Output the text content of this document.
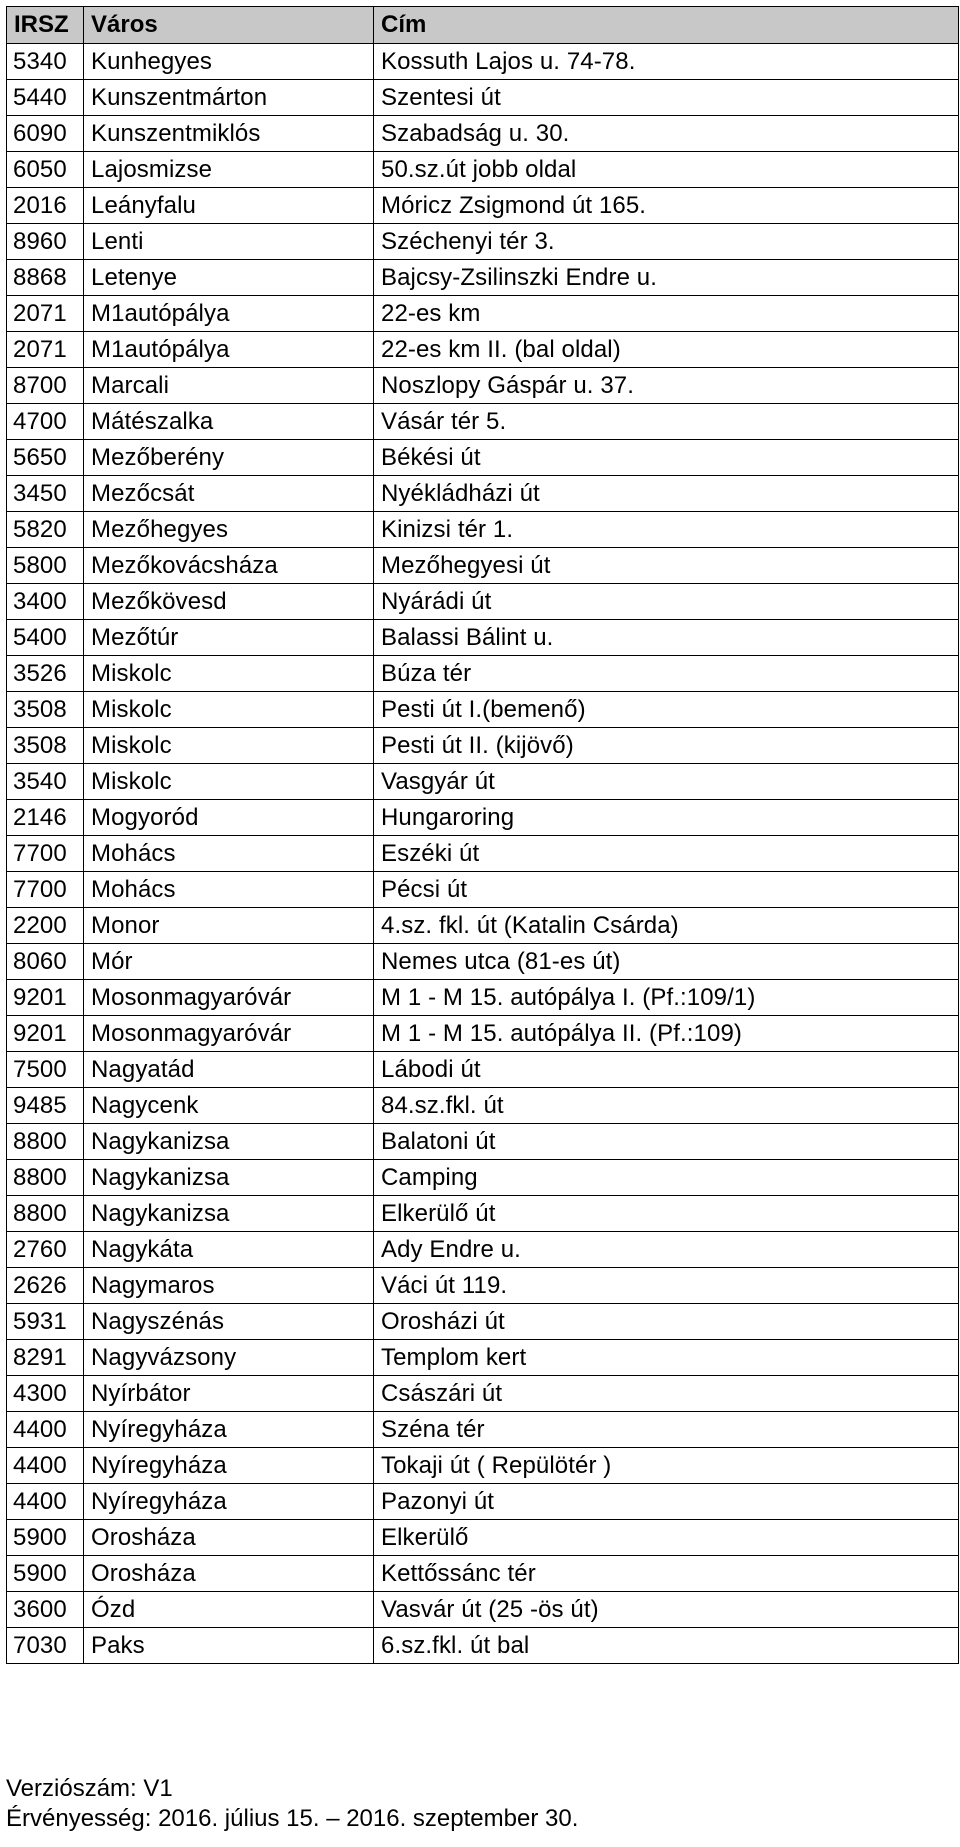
IRSZ	Város	Cím
5340	Kunhegyes	Kossuth Lajos u. 74-78.
5440	Kunszentmárton	Szentesi út
6090	Kunszentmiklós	Szabadság u. 30.
6050	Lajosmizse	50.sz.út jobb oldal
2016	Leányfalu	Móricz Zsigmond út 165.
8960	Lenti	Széchenyi tér 3.
8868	Letenye	Bajcsy-Zsilinszki Endre u.
2071	M1autópálya	22-es km
2071	M1autópálya	22-es km II. (bal oldal)
8700	Marcali	Noszlopy Gáspár u. 37.
4700	Mátészalka	Vásár tér 5.
5650	Mezőberény	Békési út
3450	Mezőcsát	Nyékládházi út
5820	Mezőhegyes	Kinizsi tér 1.
5800	Mezőkovácsháza	Mezőhegyesi út
3400	Mezőkövesd	Nyárádi út
5400	Mezőtúr	Balassi Bálint u.
3526	Miskolc	Búza tér
3508	Miskolc	Pesti út I.(bemenő)
3508	Miskolc	Pesti út II. (kijövő)
3540	Miskolc	Vasgyár út
2146	Mogyoród	Hungaroring
7700	Mohács	Eszéki út
7700	Mohács	Pécsi út
2200	Monor	4.sz. fkl. út (Katalin Csárda)
8060	Mór	Nemes utca (81-es út)
9201	Mosonmagyaróvár	M 1 - M 15. autópálya I. (Pf.:109/1)
9201	Mosonmagyaróvár	M 1 - M 15. autópálya II. (Pf.:109)
7500	Nagyatád	Lábodi út
9485	Nagycenk	84.sz.fkl. út
8800	Nagykanizsa	Balatoni út
8800	Nagykanizsa	Camping
8800	Nagykanizsa	Elkerülő út
2760	Nagykáta	Ady Endre u.
2626	Nagymaros	Váci út 119.
5931	Nagyszénás	Orosházi út
8291	Nagyvázsony	Templom kert
4300	Nyírbátor	Császári út
4400	Nyíregyháza	Széna tér
4400	Nyíregyháza	Tokaji út ( Repülötér )
4400	Nyíregyháza	Pazonyi út
5900	Orosháza	Elkerülő
5900	Orosháza	Kettőssánc tér
3600	Ózd	Vasvár út (25 -ös út)
7030	Paks	6.sz.fkl. út bal
Verziószám: V1
Érvényesség: 2016. július 15. – 2016. szeptember 30.
